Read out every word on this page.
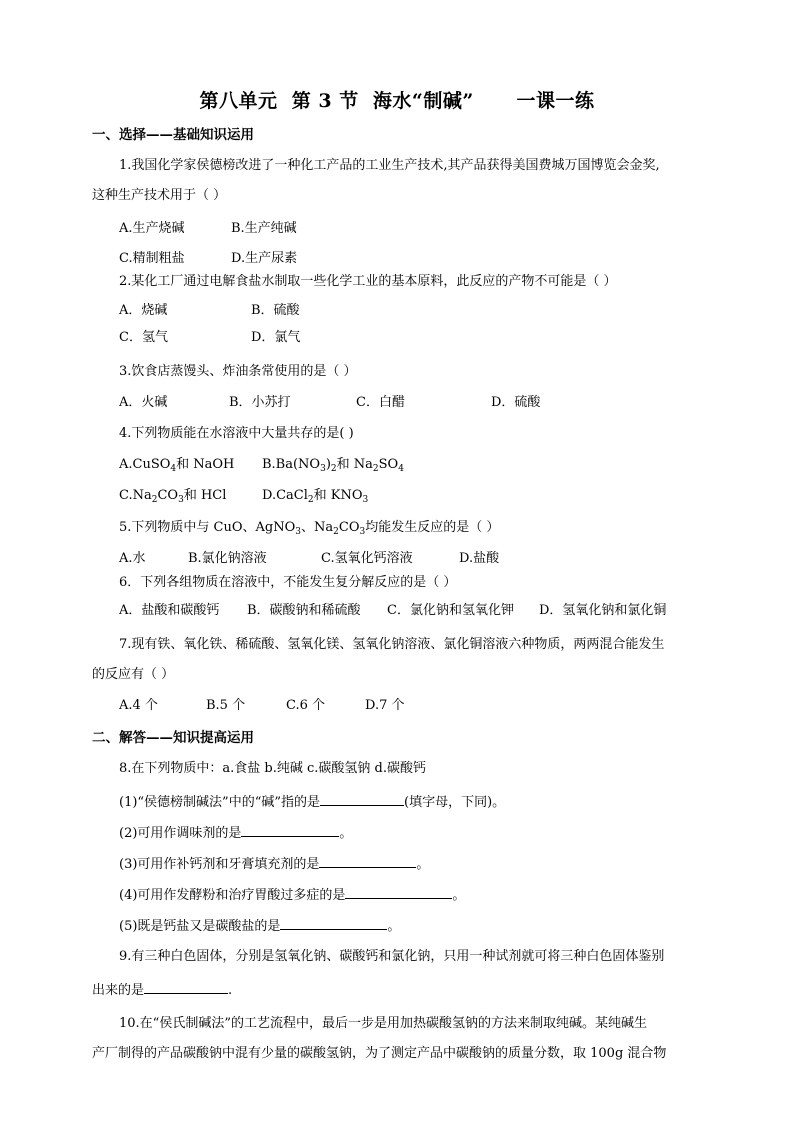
第八单元  第 3 节  海水“制碱”      一课一练
一、选择——基础知识运用
1.我国化学家侯德榜改进了一种化工产品的工业生产技术,其产品获得美国费城万国博览会金奖,
这种生产技术用于（ ）
A.生产烧碱	B.生产纯碱
C.精制粗盐	D.生产尿素
2.某化工厂通过电解食盐水制取一些化学工业的基本原料，此反应的产物不可能是（ ）
A．烧碱	B．硫酸
C．氢气	D．氯气
3.饮食店蒸馒头、炸油条常使用的是（ ）
A．火碱	B．小苏打	C．白醋	D．硫酸
4.下列物质能在水溶液中大量共存的是( )
A.CuSO$_4$和 NaOH $B.Ba(NO_3)_2$和 $Na_2SO_4$
$C.Na_2CO_3$和 HCl	D.CaCl$_2$和 $KNO_3$
5.下列物质中与 CuO、AgNO$_3$、$Na_2CO_3$均能发生反应的是（ ）
A.水	B.氯化钠溶液	C.氢氧化钙溶液	D.盐酸
6．下列各组物质在溶液中，不能发生复分解反应的是（ ）
A．盐酸和碳酸钙 B．碳酸钠和稀硫酸 C．氯化钠和氢氧化钾 D．氢氧化钠和氯化铜
7.现有铁、氧化铁、稀硫酸、氢氧化镁、氢氧化钠溶液、氯化铜溶液六种物质，两两混合能发生
的反应有（ ）
A.4 个	B.5 个	C.6 个	D.7 个
二、解答——知识提高运用
8.在下列物质中：a.食盐 b.纯碱 c.碳酸氢钠 d.碳酸钙
(1)“侯德榜制碱法”中的“碱”指的是	(填字母，下同)。
(2)可用作调味剂的是	。
(3)可用作补钙剂和牙膏填充剂的是	。
(4)可用作发酵粉和治疗胃酸过多症的是	。
(5)既是钙盐又是碳酸盐的是	。
9.有三种白色固体，分别是氢氧化钠、碳酸钙和氯化钠，只用一种试剂就可将三种白色固体鉴别
出来的是	.
10.在“侯氏制碱法”的工艺流程中，最后一步是用加热碳酸氢钠的方法来制取纯碱。某纯碱生
产厂制得的产品碳酸钠中混有少量的碳酸氢钠，为了测定产品中碳酸钠的质量分数，取 100g 混合物
